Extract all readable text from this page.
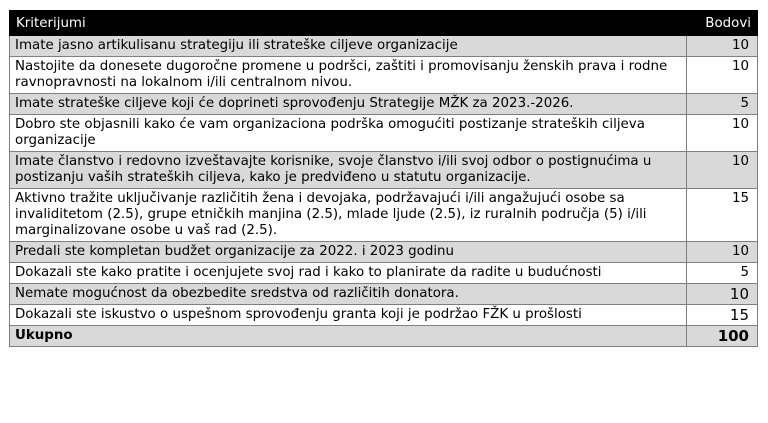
Kriterijumi	Bodovi
Imate jasno artikulisanu strategiju ili strateške ciljeve organizacije	10
Nastojite da donesete dugoročne promene u podršci, zaštiti i promovisanju ženskih prava i rodne ravnopravnosti na lokalnom i/ili centralnom nivou.	10
Imate strateške ciljeve koji će doprineti sprovođenju Strategije MŽK za 2023.-2026.	5
Dobro ste objasnili kako će vam organizaciona podrška omogućiti postizanje strateških ciljeva organizacije	10
Imate članstvo i redovno izveštavajte korisnike, svoje članstvo i/ili svoj odbor o postignućima u postizanju vaših strateških ciljeva, kako je predviđeno u statutu organizacije.	10
Aktivno tražite uključivanje različitih žena i devojaka, podržavajući i/ili angažujući osobe sa invaliditetom (2.5), grupe etničkih manjina (2.5), mlade ljude (2.5), iz ruralnih područja (5) i/ili marginalizovane osobe u vaš rad (2.5).	15
Predali ste kompletan budžet organizacije za 2022. i 2023 godinu	10
Dokazali ste kako pratite i ocenjujete svoj rad i kako to planirate da radite u budućnosti	5
Nemate mogućnost da obezbedite sredstva od različitih donatora.	10
Dokazali ste iskustvo o uspešnom sprovođenju granta koji je podržao FŽK u prošlosti	15
Ukupno	100
